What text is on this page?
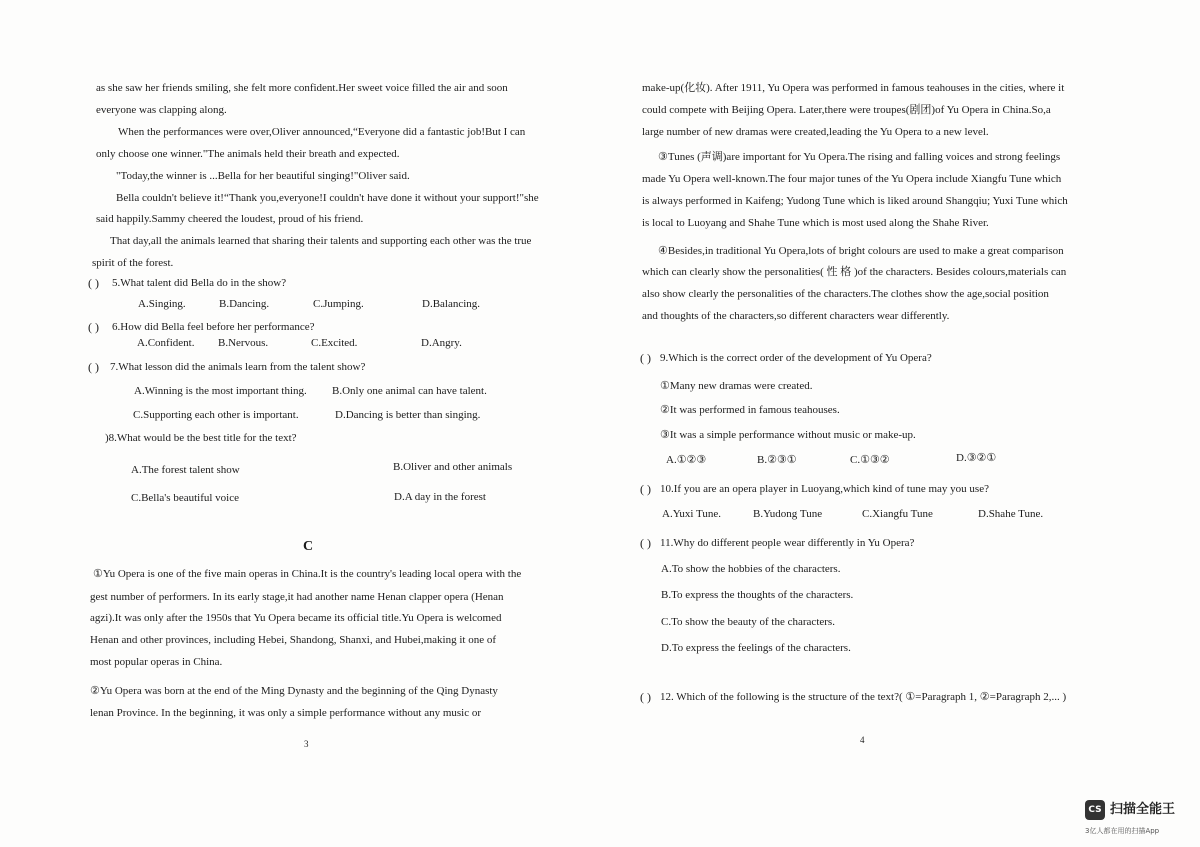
as she saw her friends smiling, she felt more confident.Her sweet voice filled the air and soon
everyone was clapping along.
When the performances were over,Oliver announced,“Everyone did a fantastic job!But I can
only choose one winner."The animals held their breath and expected.
"Today,the winner is ...Bella for her beautiful singing!"Oliver said.
Bella couldn't believe it!“Thank you,everyone!I couldn't have done it without your support!"she
said happily.Sammy cheered the loudest, proud of his friend.
That day,all the animals learned that sharing their talents and supporting each other was the true
spirit of the forest.
( ) 5.What talent did Bella do in the show?
A.Singing.	B.Dancing.	C.Jumping.	D.Balancing.
( ) 6.How did Bella feel before her performance?
A.Confident. B.Nervous.	C.Excited.	D.Angry.
( ) 7.What lesson did the animals learn from the talent show?
A.Winning is the most important thing. B.Only one animal can have talent.
C.Supporting each other is important.	D.Dancing is better than singing.
)8.What would be the best title for the text?
A.The forest talent show	B.Oliver and other animals
C.Bella's beautiful voice	D.A day in the forest
C
①Yu Opera is one of the five main operas in China.It is the country's leading local opera with the
gest number of performers. In its early stage,it had another name Henan clapper opera (Henan
agzi).It was only after the 1950s that Yu Opera became its official title.Yu Opera is welcomed
Henan and other provinces, including Hebei, Shandong, Shanxi, and Hubei,making it one of
most popular operas in China.
②Yu Opera was born at the end of the Ming Dynasty and the beginning of the Qing Dynasty
lenan Province. In the beginning, it was only a simple performance without any music or
3
make-up(化妆). After 1911, Yu Opera was performed in famous teahouses in the cities, where it
could compete with Beijing Opera. Later,there were troupes(剧团)of Yu Opera in China.So,a
large number of new dramas were created,leading the Yu Opera to a new level.
③Tunes (声调)are important for Yu Opera.The rising and falling voices and strong feelings
made Yu Opera well-known.The four major tunes of the Yu Opera include Xiangfu Tune which
is always performed in Kaifeng; Yudong Tune which is liked around Shangqiu; Yuxi Tune which
is local to Luoyang and Shahe Tune which is most used along the Shahe River.
④Besides,in traditional Yu Opera,lots of bright colours are used to make a great comparison
which can clearly show the personalities( 性 格 )of the characters. Besides colours,materials can
also show clearly the personalities of the characters.The clothes show the age,social position
and thoughts of the characters,so different characters wear differently.
( ) 9.Which is the correct order of the development of Yu Opera?
①Many new dramas were created.
②It was performed in famous teahouses.
③It was a simple performance without music or make-up.
A.①②③	B.②③①	C.①③②	D.③②①
( ) 10.If you are an opera player in Luoyang,which kind of tune may you use?
A.Yuxi Tune.	B.Yudong Tune	C.Xiangfu Tune	D.Shahe Tune.
( ) 11.Why do different people wear differently in Yu Opera?
A.To show the hobbies of the characters.
B.To express the thoughts of the characters.
C.To show the beauty of the characters.
D.To express the feelings of the characters.
( ) 12. Which of the following is the structure of the text?( ①=Paragraph 1, ②=Paragraph 2,... )
4
CS 扫描全能王
3亿人都在用的扫描App
